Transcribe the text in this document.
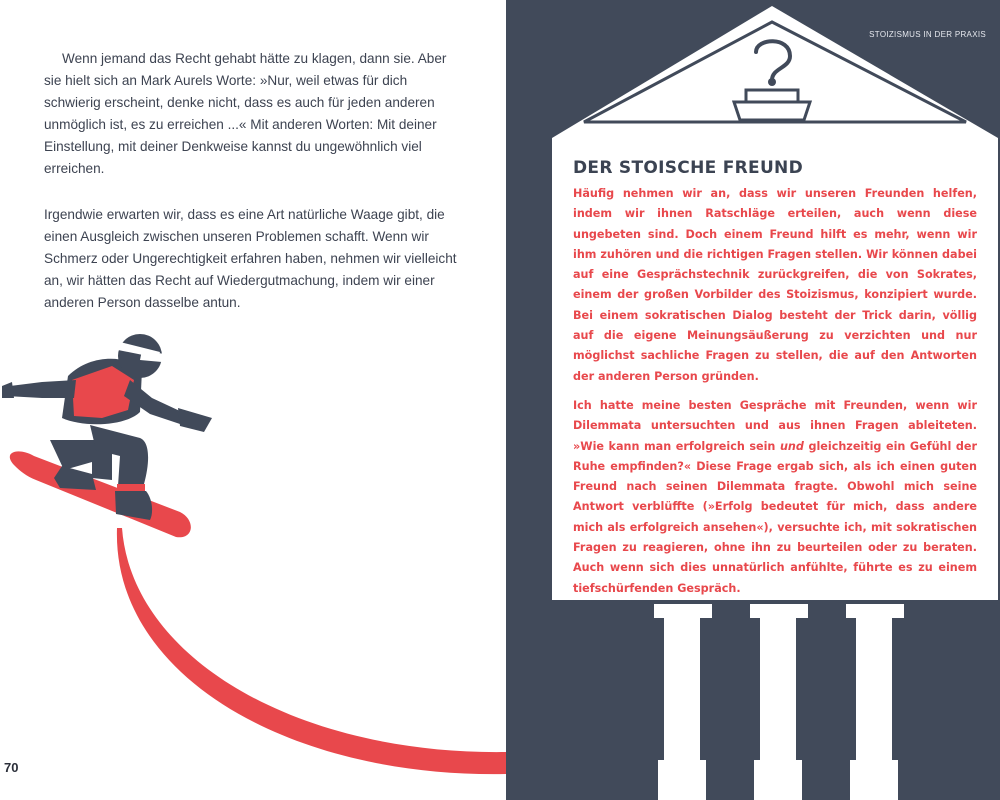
Wenn jemand das Recht gehabt hätte zu klagen, dann sie. Aber sie hielt sich an Mark Aurels Worte: »Nur, weil etwas für dich schwierig erscheint, denke nicht, dass es auch für jeden anderen unmöglich ist, es zu erreichen ...« Mit anderen Worten: Mit deiner Einstellung, mit deiner Denkweise kannst du ungewöhnlich viel erreichen.

Irgendwie erwarten wir, dass es eine Art natürliche Waage gibt, die einen Ausgleich zwischen unseren Problemen schafft. Wenn wir Schmerz oder Ungerechtigkeit erfahren haben, nehmen wir vielleicht an, wir hätten das Recht auf Wiedergutmachung, indem wir einer anderen Person dasselbe antun.

70
STOIZISMUS IN DER PRAXIS
DER STOISCHE FREUND

Häufig nehmen wir an, dass wir unseren Freunden helfen, indem wir ihnen Ratschläge erteilen, auch wenn diese ungebeten sind. Doch einem Freund hilft es mehr, wenn wir ihm zuhören und die richtigen Fragen stellen. Wir können dabei auf eine Gesprächstechnik zurückgreifen, die von Sokrates, einem der großen Vorbilder des Stoizismus, konzipiert wurde. Bei einem sokratischen Dialog besteht der Trick darin, völlig auf die eigene Meinungsäußerung zu verzichten und nur möglichst sachliche Fragen zu stellen, die auf den Antworten der anderen Person gründen.

Ich hatte meine besten Gespräche mit Freunden, wenn wir Dilemmata untersuchten und aus ihnen Fragen ableiteten. »Wie kann man erfolgreich sein und gleichzeitig ein Gefühl der Ruhe empfinden?« Diese Frage ergab sich, als ich einen guten Freund nach seinen Dilemmata fragte. Obwohl mich seine Antwort verblüffte (»Erfolg bedeutet für mich, dass andere mich als erfolgreich ansehen«), versuchte ich, mit sokratischen Fragen zu reagieren, ohne ihn zu beurteilen oder zu beraten. Auch wenn sich dies unnatürlich anfühlte, führte es zu einem tiefschürfenden Gespräch.
